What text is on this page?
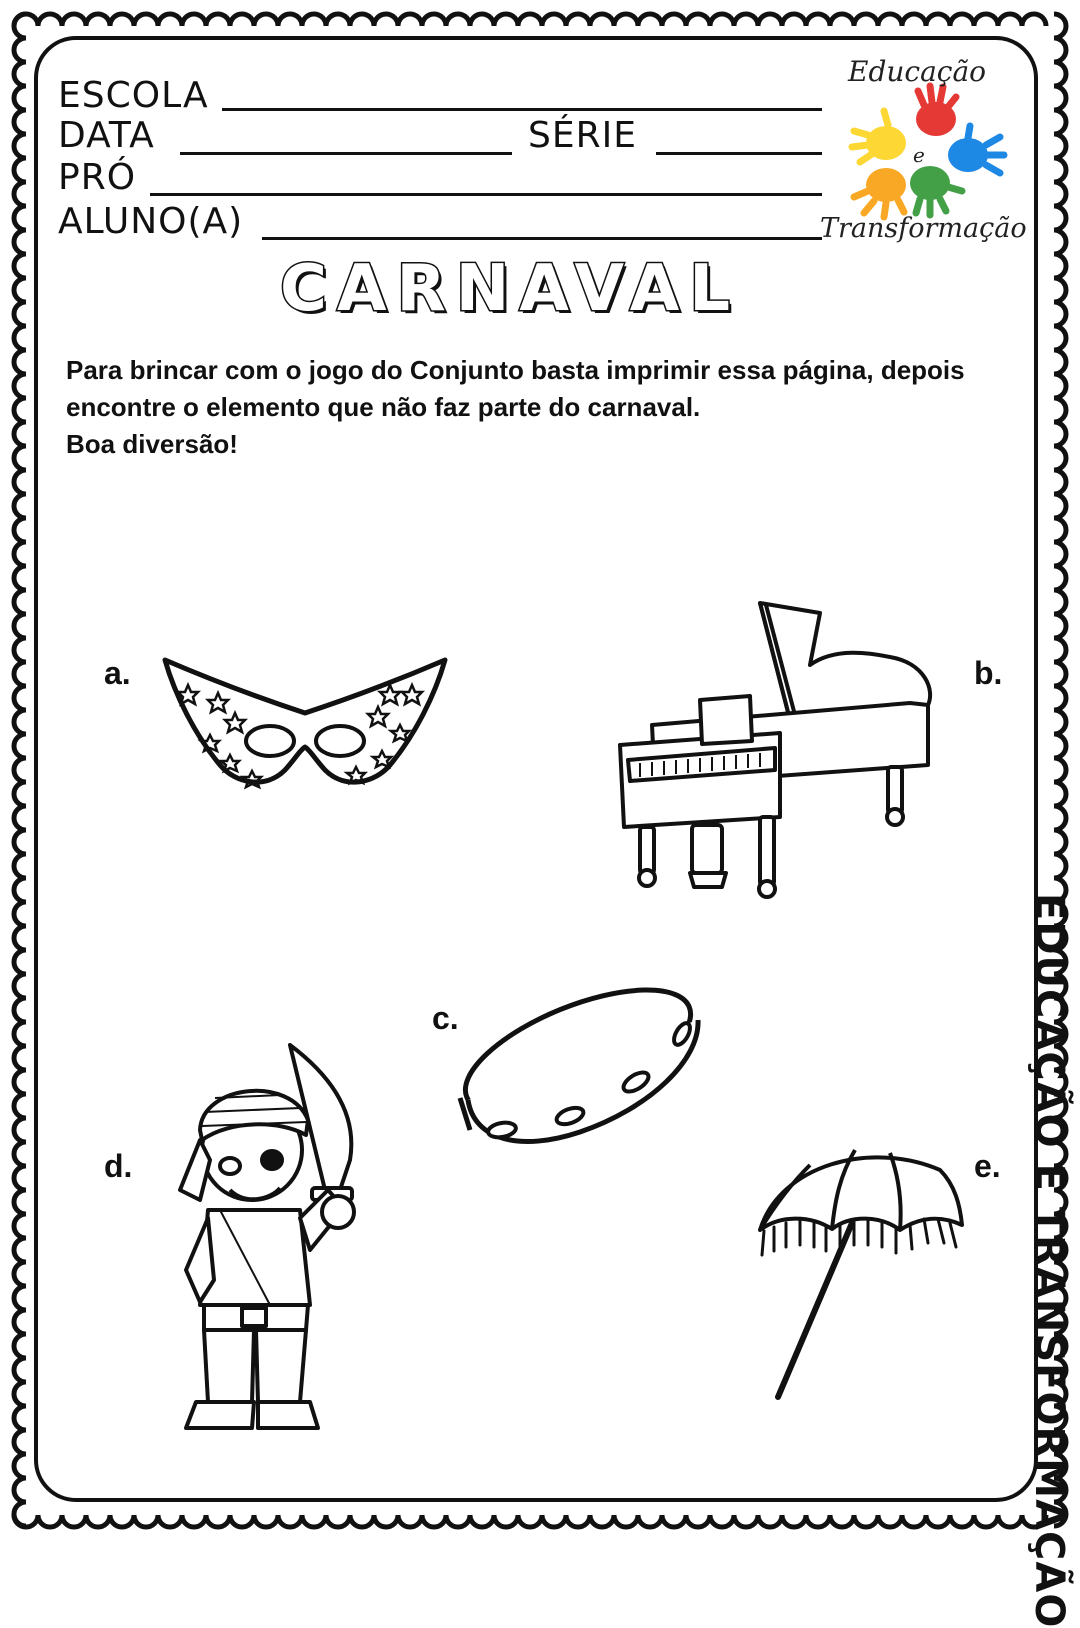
ESCOLA
DATA	SÉRIE
PRÓ
ALUNO(A)
Educação
e
Transformação
CARNAVAL
Para brincar com o jogo do Conjunto basta imprimir essa página, depois
encontre o elemento que não faz parte do carnaval.
Boa diversão!
a.	b.
c.
d.	e. EDUCAÇÃO E TRANSFORMAÇÃO
